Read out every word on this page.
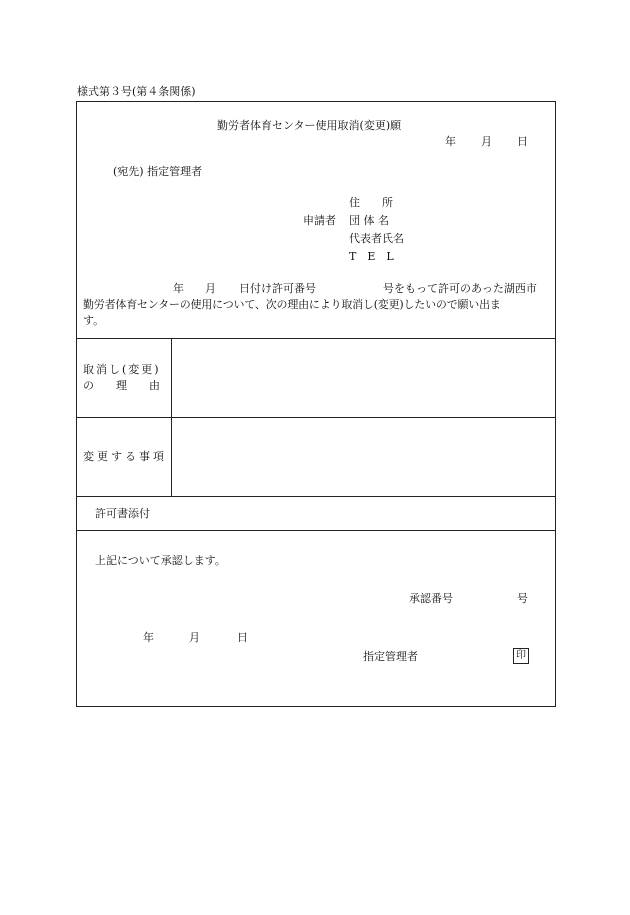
様式第３号(第４条関係)
勤労者体育センター使用取消(変更)願
年 月 日
(宛先) 指定管理者
住　　所
申請者 団 体 名
代表者氏名
T　E　L
年 月 日付け許可番号	号をもって許可のあった湖西市
勤労者体育センターの使用について、次の理由により取消し(変更)したいので願い出ま
す。
取消し(変更)
の　　理　　由
変更する事項
許可書添付
上記について承認します。
承認番号	号
年	月	日
指定管理者	印
